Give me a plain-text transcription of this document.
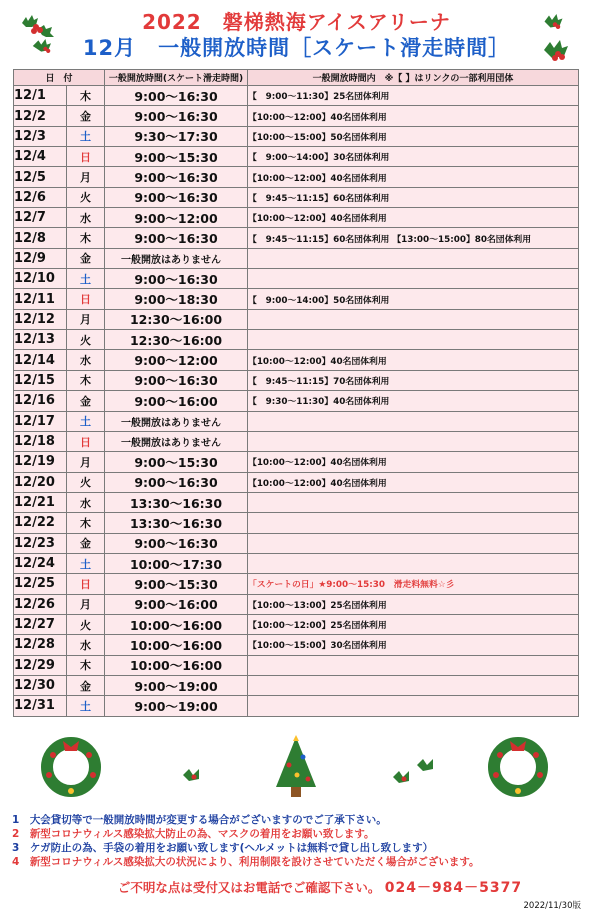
2022　磐梯熱海アイスアリーナ
12月　一般開放時間［スケート滑走時間］
日　付		一般開放時間(スケート滑走時間)	一般開放時間内　※【 】はリンクの一部利用団体
12/1	木	9:00～16:30	【　9:00～11:30】25名団体利用
12/2	金	9:00～16:30	【10:00～12:00】40名団体利用
12/3	土	9:30～17:30	【10:00～15:00】50名団体利用
12/4	日	9:00～15:30	【　9:00～14:00】30名団体利用
12/5	月	9:00～16:30	【10:00～12:00】40名団体利用
12/6	火	9:00～16:30	【　9:45～11:15】60名団体利用
12/7	水	9:00～12:00	【10:00～12:00】40名団体利用
12/8	木	9:00～16:30	【　9:45～11:15】60名団体利用 【13:00～15:00】80名団体利用
12/9	金	一般開放はありません	
12/10	土	9:00～16:30	
12/11	日	9:00～18:30	【　9:00～14:00】50名団体利用
12/12	月	12:30～16:00	
12/13	火	12:30～16:00	
12/14	水	9:00～12:00	【10:00～12:00】40名団体利用
12/15	木	9:00～16:30	【　9:45～11:15】70名団体利用
12/16	金	9:00～16:00	【　9:30～11:30】40名団体利用
12/17	土	一般開放はありません	
12/18	日	一般開放はありません	
12/19	月	9:00～15:30	【10:00～12:00】40名団体利用
12/20	火	9:00～16:30	【10:00～12:00】40名団体利用
12/21	水	13:30～16:30	
12/22	木	13:30～16:30	
12/23	金	9:00～16:30	
12/24	土	10:00～17:30	
12/25	日	9:00～15:30	「スケートの日」★9:00～15:30　滑走料無料☆彡
12/26	月	9:00～16:00	【10:00～13:00】25名団体利用
12/27	火	10:00～16:00	【10:00～12:00】25名団体利用
12/28	水	10:00～16:00	【10:00～15:00】30名団体利用
12/29	木	10:00～16:00	
12/30	金	9:00～19:00	
12/31	土	9:00～19:00	
1　 大会貸切等で一般開放時間が変更する場合がございますのでご了承下さい。
2　 新型コロナウィルス感染拡大防止の為、マスクの着用をお願い致します。
3　 ケガ防止の為、手袋の着用をお願い致します(ヘルメットは無料で貸し出し致します）
4　 新型コロナウィルス感染拡大の状況により、利用制限を設けさせていただく場合がございます。
ご不明な点は受付又はお電話でご確認下さい。 024－984－5377
2022/11/30版
